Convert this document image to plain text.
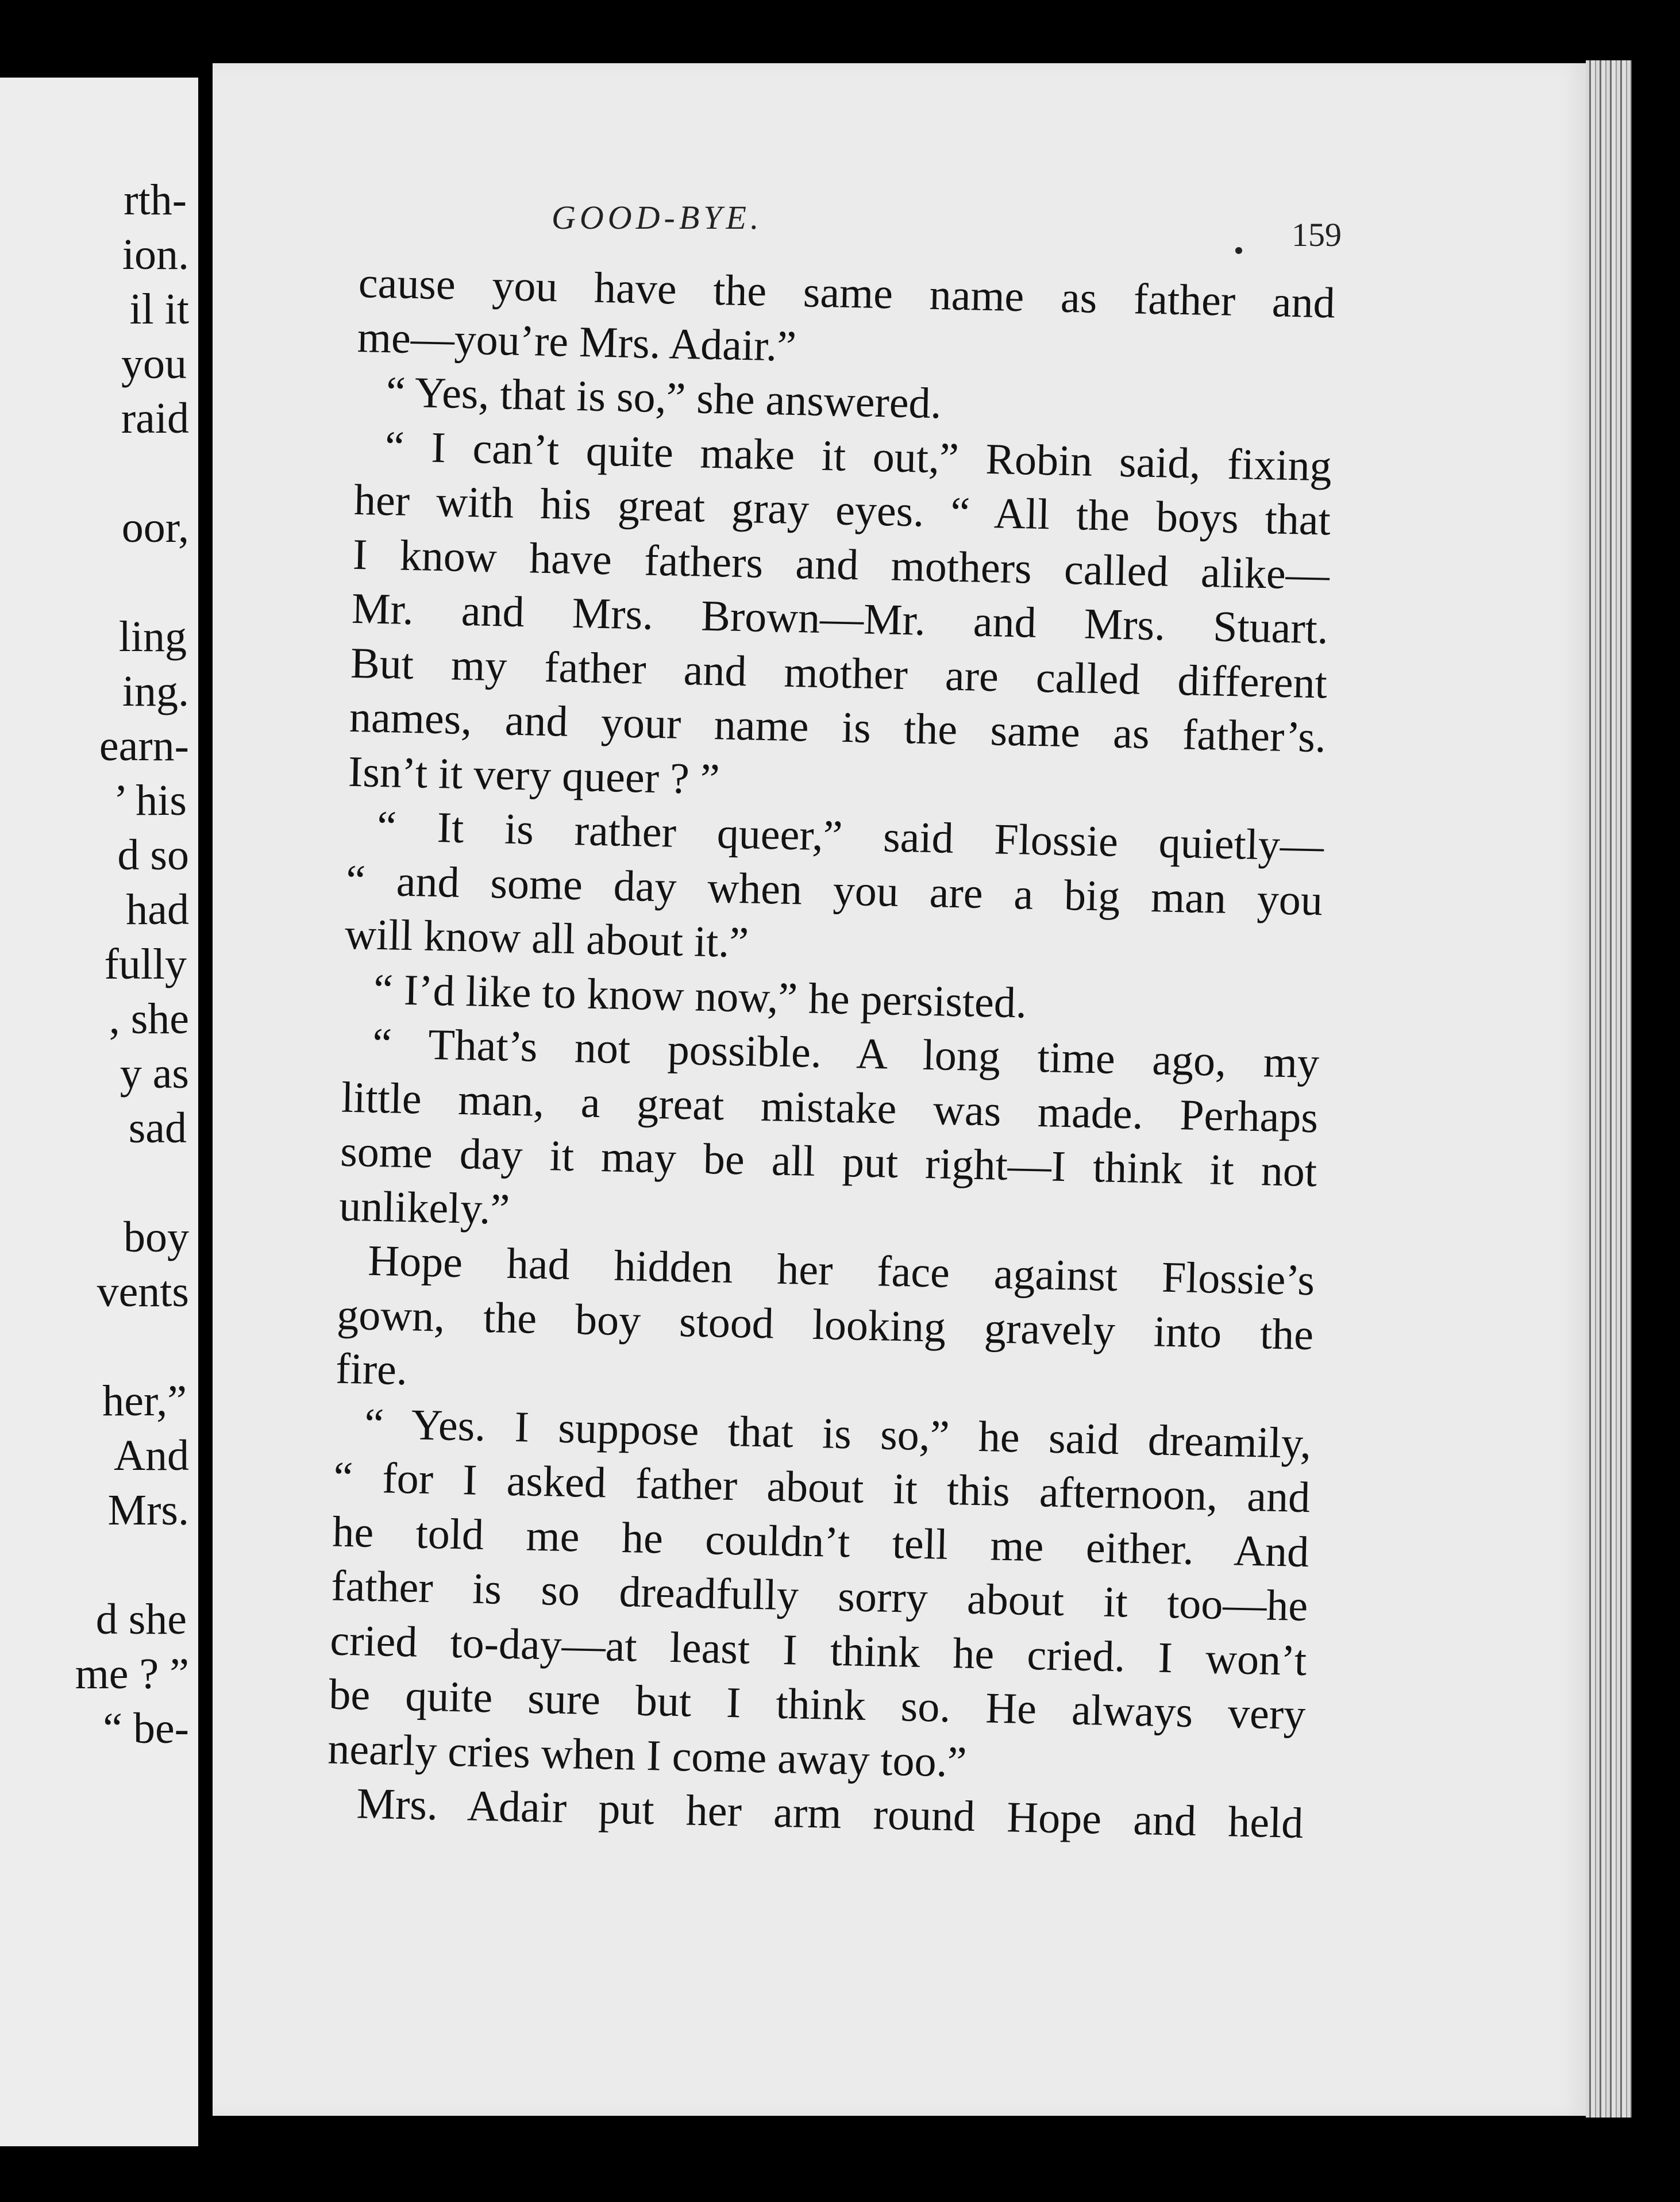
rth-
ion.
il it
you
raid
oor,
ling
ing.
earn-
’ his
d so
had
fully
, she
y as
sad
boy
vents
her,”
And
Mrs.
d she
me ? ”
“ be-
GOOD-BYE.	159
cause you have the same name as father and
me—you’re Mrs. Adair.”
“ Yes, that is so,” she answered.
“ I can’t quite make it out,” Robin said, fixing
her with his great gray eyes. “ All the boys that
I know have fathers and mothers called alike—
Mr. and Mrs. Brown—Mr. and Mrs. Stuart.
But my father and mother are called different
names, and your name is the same as father’s.
Isn’t it very queer ? ”
“ It is rather queer,” said Flossie quietly—
“ and some day when you are a big man you
will know all about it.”
“ I’d like to know now,” he persisted.
“ That’s not possible. A long time ago, my
little man, a great mistake was made. Perhaps
some day it may be all put right—I think it not
unlikely.”
Hope had hidden her face against Flossie’s
gown, the boy stood looking gravely into the
fire.
“ Yes. I suppose that is so,” he said dreamily,
“ for I asked father about it this afternoon, and
he told me he couldn’t tell me either. And
father is so dreadfully sorry about it too—he
cried to-day—at least I think he cried. I won’t
be quite sure but I think so. He always very
nearly cries when I come away too.”
Mrs. Adair put her arm round Hope and held
